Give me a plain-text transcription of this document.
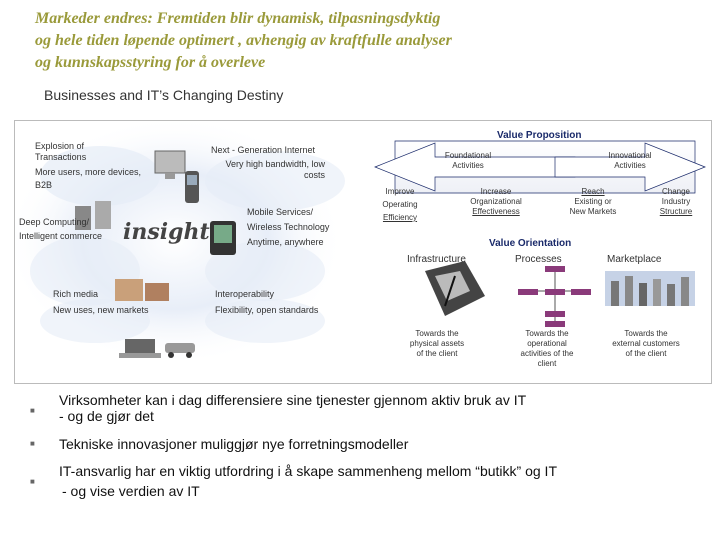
Markeder endres: Fremtiden blir dynamisk, tilpasningsdyktig
og hele tiden løpende optimert , avhengig av kraftfulle analyser
og kunnskapsstyring for å overleve
Businesses and IT’s Changing Destiny
Explosion of
Transactions
More users, more devices,
B2B
Next - Generation Internet
Very high bandwidth, low
costs
Deep Computing/
Intelligent commerce insight
Mobile Services/
Wireless Technology
Anytime, anywhere
Rich media
New uses, new markets
Interoperability
Flexibility, open standards
Value Proposition
Foundational
Activities
Innovational
Activities
Improve
Operating
Efficiency
Increase
Organizational
Effectiveness
Reach
Existing or
New Markets
Change
Industry
Structure
Value Orientation
Infrastructure	Processes	Marketplace
Towards the
physical assets
of the client
Towards the
operational
activities of the
client
Towards the
external customers
of the client
■
Virksomheter kan i dag differensiere sine tjenester gjennom aktiv bruk av IT
- og de gjør det
■ Tekniske innovasjoner muliggjør nye forretningsmodeller
■
IT-ansvarlig har en viktig utfordring i å skape sammenheng mellom “butikk” og IT
- og vise verdien av IT
